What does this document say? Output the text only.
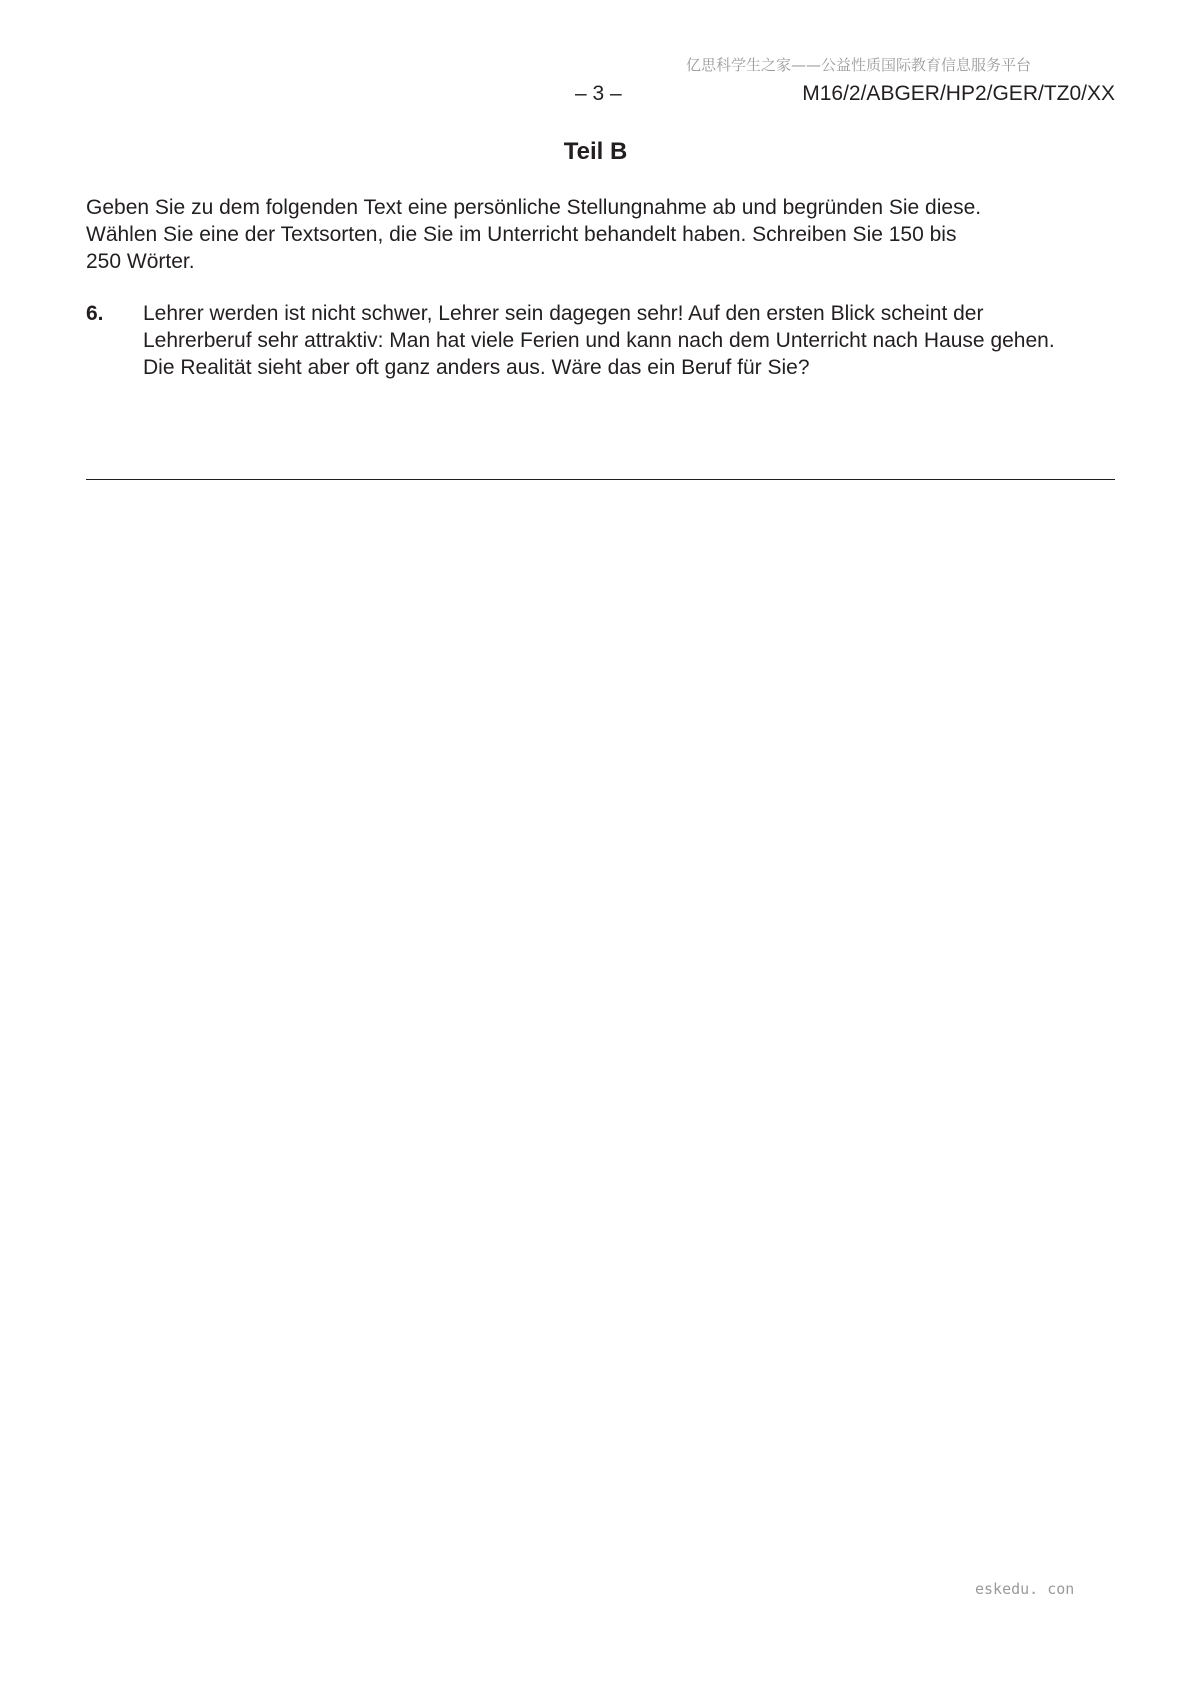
亿思科学生之家——公益性质国际教育信息服务平台
– 3 –	M16/2/ABGER/HP2/GER/TZ0/XX
Teil B
Geben Sie zu dem folgenden Text eine persönliche Stellungnahme ab und begründen Sie diese.
Wählen Sie eine der Textsorten, die Sie im Unterricht behandelt haben. Schreiben Sie 150 bis
250 Wörter.
6. Lehrer werden ist nicht schwer, Lehrer sein dagegen sehr! Auf den ersten Blick scheint der
Lehrerberuf sehr attraktiv: Man hat viele Ferien und kann nach dem Unterricht nach Hause gehen.
Die Realität sieht aber oft ganz anders aus. Wäre das ein Beruf für Sie?
eskedu. con
